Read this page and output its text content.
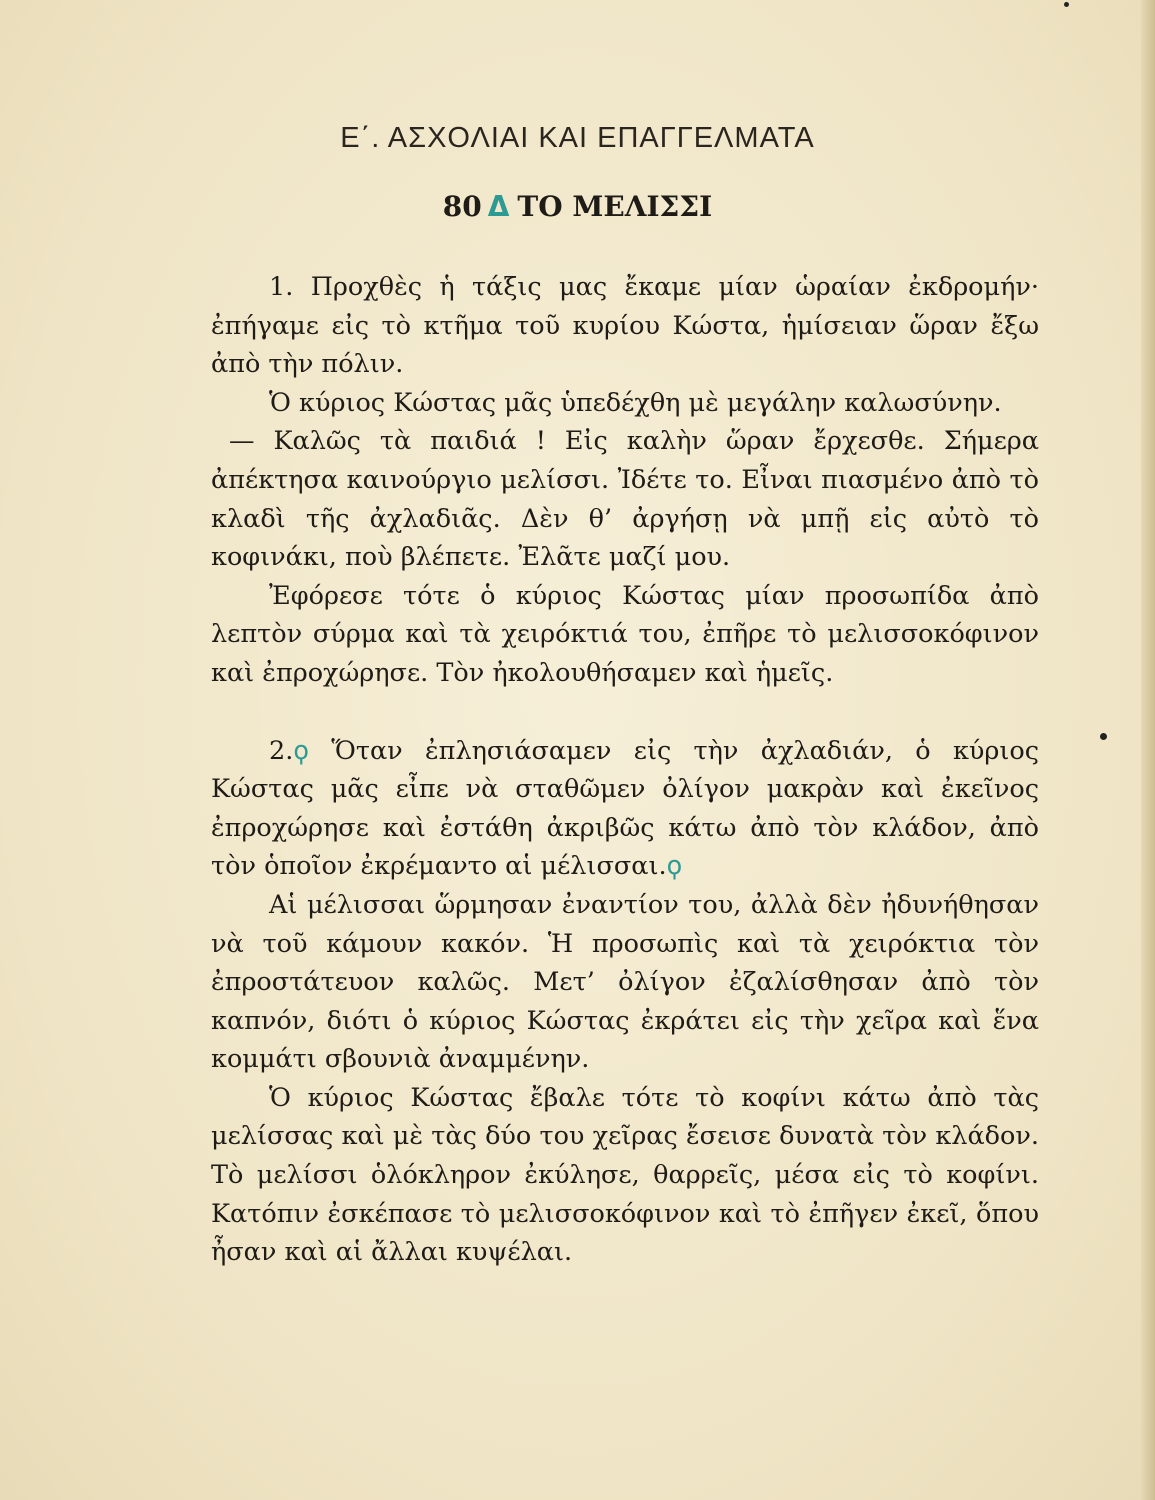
Ε΄. ΑΣΧΟΛΙΑΙ ΚΑΙ ΕΠΑΓΓΕΛΜΑΤΑ
80 Δ ΤΟ ΜΕΛΙΣΣΙ

1. Προχθὲς ἡ τάξις μας ἔκαμε μίαν ὡραίαν ἐκδρομήν· ἐπήγαμε εἰς τὸ κτῆμα τοῦ κυρίου Κώστα, ἡμίσειαν ὥραν ἔξω ἀπὸ τὴν πόλιν.

Ὁ κύριος Κώστας μᾶς ὑπεδέχθη μὲ μεγάλην καλωσύνην.

— Καλῶς τὰ παιδιά ! Εἰς καλὴν ὥραν ἔρχεσθε. Σήμερα ἀπέκτησα καινούργιο μελίσσι. Ἰδέτε το. Εἶναι πιασμένο ἀπὸ τὸ κλαδὶ τῆς ἀχλαδιᾶς. Δὲν θ’ ἀργήσῃ νὰ μπῇ εἰς αὐτὸ τὸ κοφινάκι, ποὺ βλέπετε. Ἐλᾶτε μαζί μου.

Ἐφόρεσε τότε ὁ κύριος Κώστας μίαν προσωπίδα ἀπὸ λεπτὸν σύρμα καὶ τὰ χειρόκτιά του, ἐπῆρε τὸ μελισσοκόφινον καὶ ἐπροχώρησε. Τὸν ἠκολουθήσαμεν καὶ ἡμεῖς.

2.ϙ Ὅταν ἐπλησιάσαμεν εἰς τὴν ἀχλαδιάν, ὁ κύριος Κώστας μᾶς εἶπε νὰ σταθῶμεν ὀλίγον μακρὰν καὶ ἐκεῖνος ἐπροχώρησε καὶ ἐστάθη ἀκριβῶς κάτω ἀπὸ τὸν κλάδον, ἀπὸ τὸν ὁποῖον ἐκρέμαντο αἱ μέλισσαι.ϙ

Αἱ μέλισσαι ὥρμησαν ἐναντίον του, ἀλλὰ δὲν ἠδυνήθησαν νὰ τοῦ κάμουν κακόν. Ἡ προσωπὶς καὶ τὰ χειρόκτια τὸν ἐπροστάτευον καλῶς. Μετ’ ὀλίγον ἐζαλίσθησαν ἀπὸ τὸν καπνόν, διότι ὁ κύριος Κώστας ἐκράτει εἰς τὴν χεῖρα καὶ ἕνα κομμάτι σβουνιὰ ἀναμμένην.

Ὁ κύριος Κώστας ἔβαλε τότε τὸ κοφίνι κάτω ἀπὸ τὰς μελίσσας καὶ μὲ τὰς δύο του χεῖρας ἔσεισε δυνατὰ τὸν κλάδον. Τὸ μελίσσι ὁλόκληρον ἐκύλησε, θαρρεῖς, μέσα εἰς τὸ κοφίνι. Κατόπιν ἐσκέπασε τὸ μελισσοκόφινον καὶ τὸ ἐπῆγεν ἐκεῖ, ὅπου ἦσαν καὶ αἱ ἄλλαι κυψέλαι.
